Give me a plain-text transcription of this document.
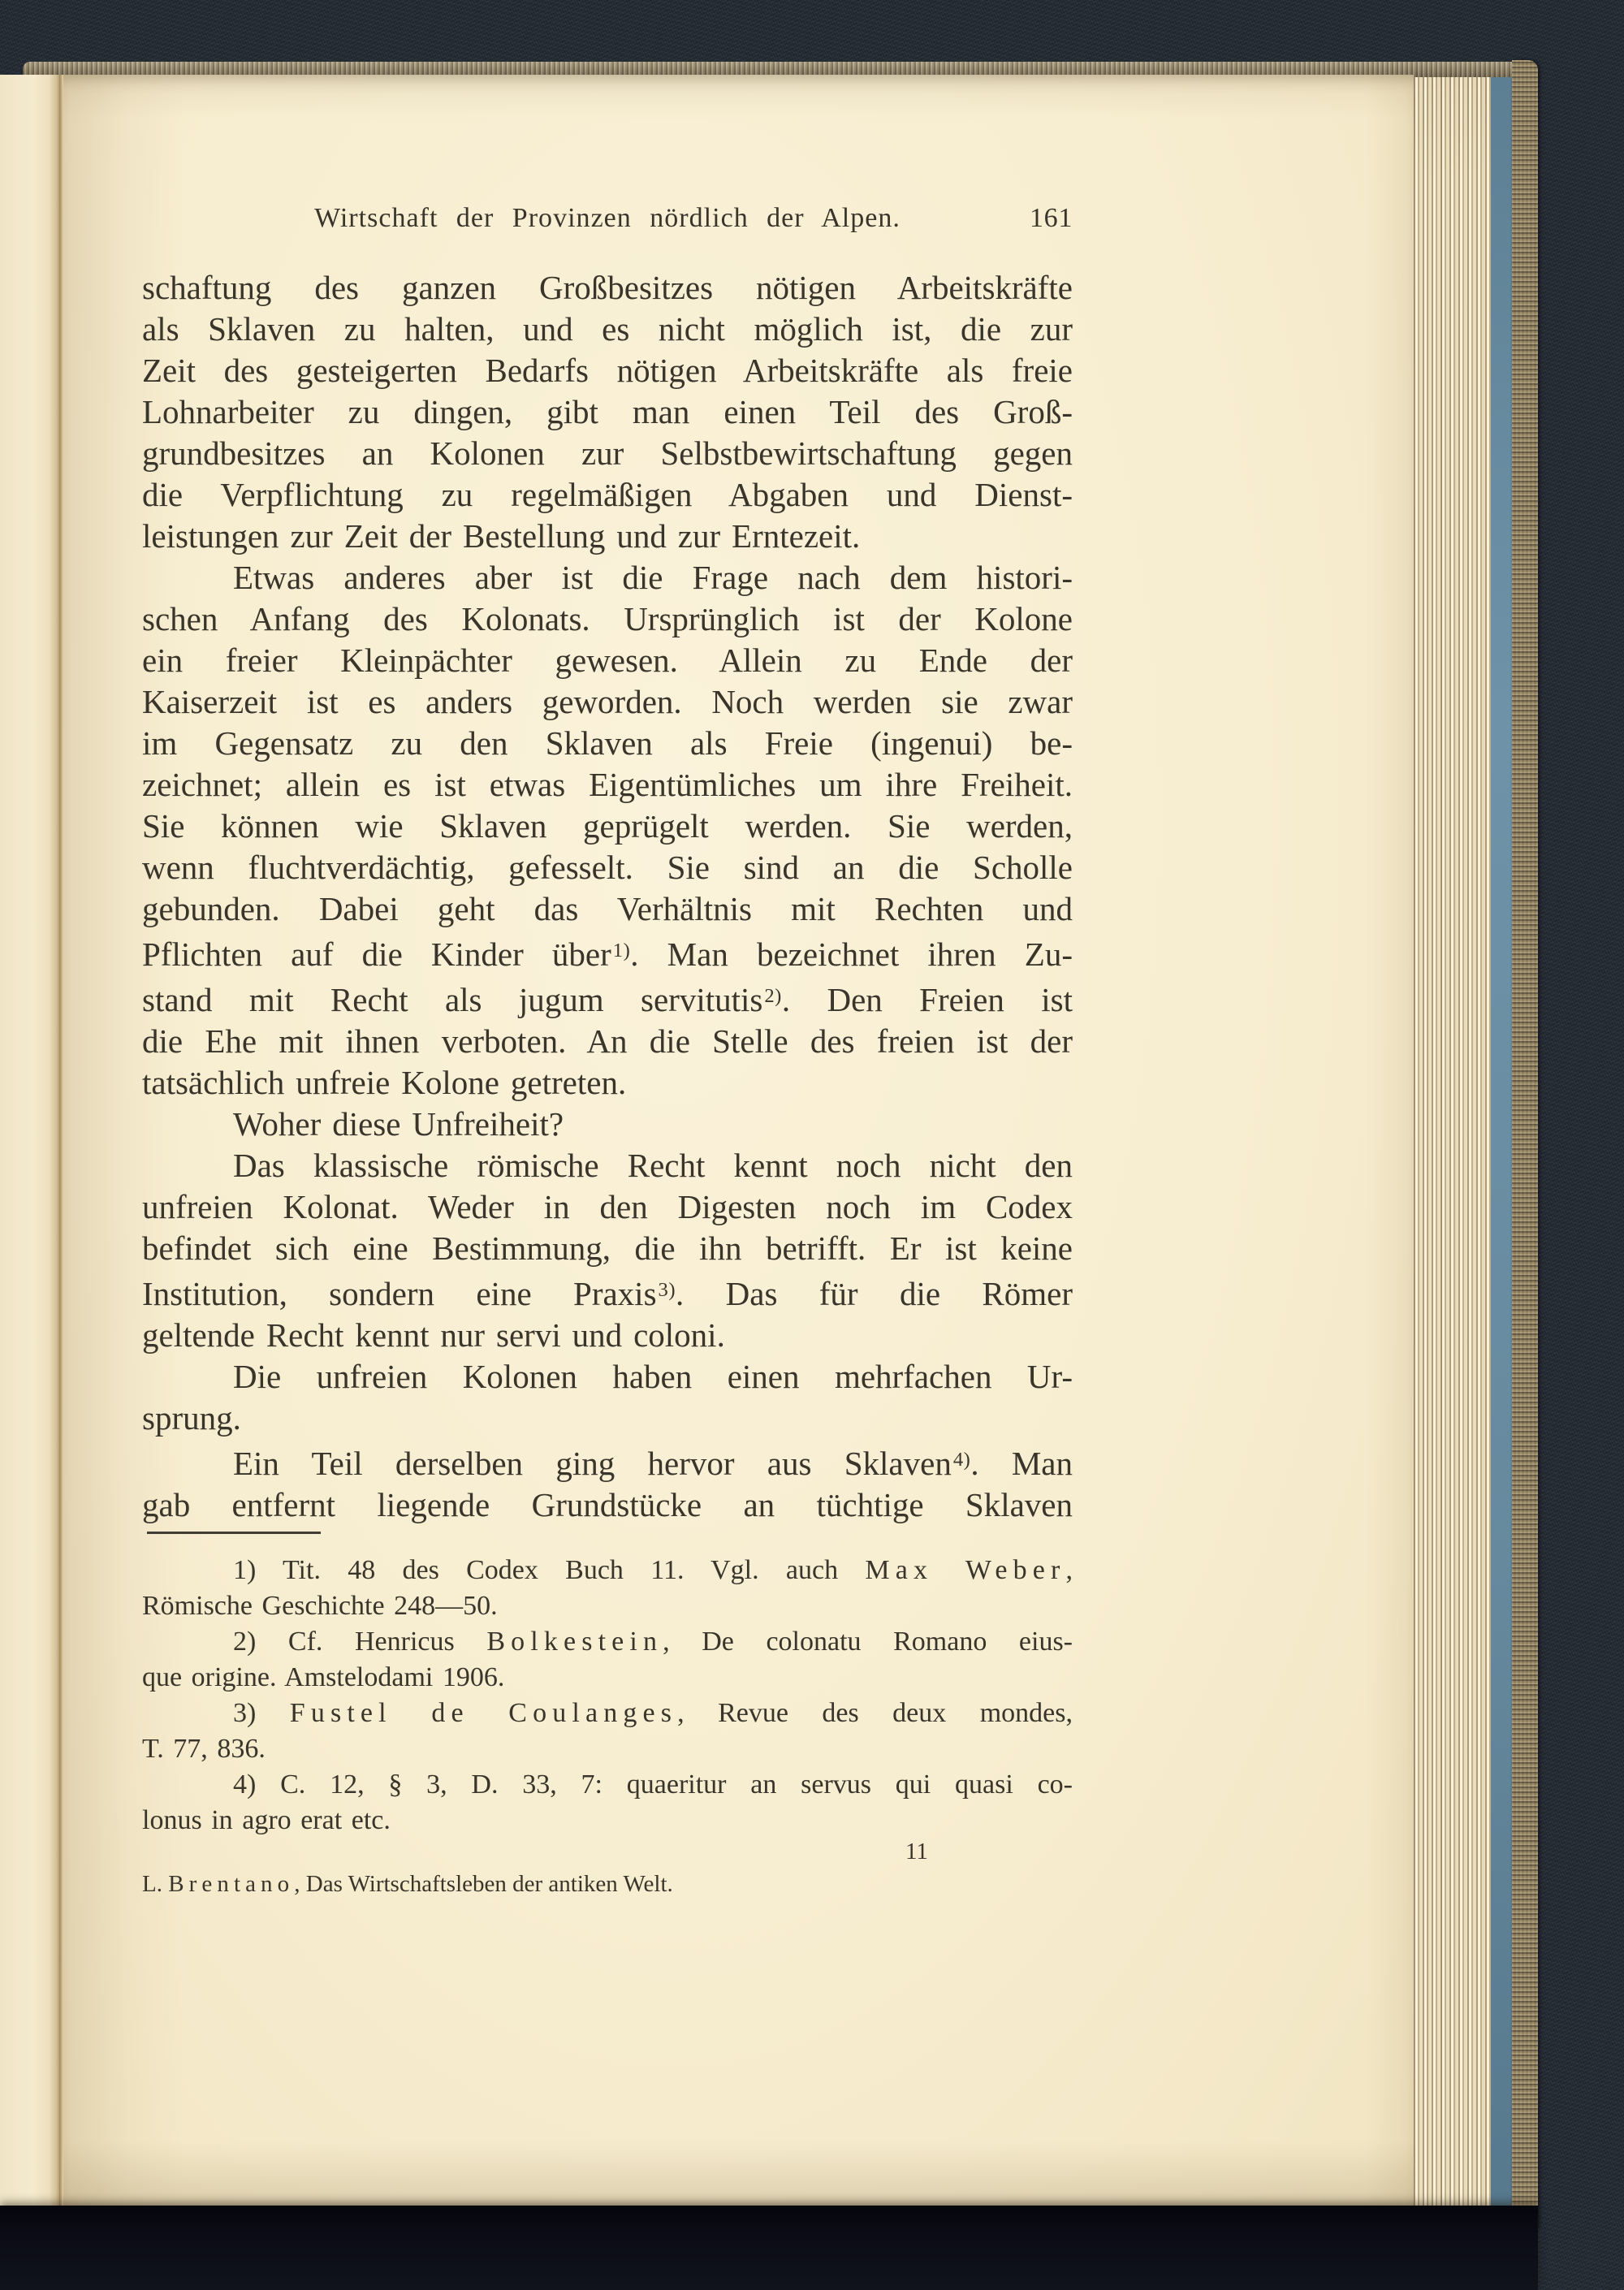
Wirtschaft der Provinzen nördlich der Alpen.	161
schaftung des ganzen Großbesitzes nötigen Arbeitskräfte
als Sklaven zu halten, und es nicht möglich ist, die zur
Zeit des gesteigerten Bedarfs nötigen Arbeitskräfte als freie
Lohnarbeiter zu dingen, gibt man einen Teil des Groß-
grundbesitzes an Kolonen zur Selbstbewirtschaftung gegen
die Verpflichtung zu regelmäßigen Abgaben und Dienst-
leistungen zur Zeit der Bestellung und zur Erntezeit.
Etwas anderes aber ist die Frage nach dem histori-
schen Anfang des Kolonats. Ursprünglich ist der Kolone
ein freier Kleinpächter gewesen. Allein zu Ende der
Kaiserzeit ist es anders geworden. Noch werden sie zwar
im Gegensatz zu den Sklaven als Freie (ingenui) be-
zeichnet; allein es ist etwas Eigentümliches um ihre Freiheit.
Sie können wie Sklaven geprügelt werden. Sie werden,
wenn fluchtverdächtig, gefesselt. Sie sind an die Scholle
gebunden. Dabei geht das Verhältnis mit Rechten und
Pflichten auf die Kinder über$^{1)}$. Man bezeichnet ihren Zu-
stand mit Recht als jugum servitutis$^{2)}$. Den Freien ist
die Ehe mit ihnen verboten. An die Stelle des freien ist der
tatsächlich unfreie Kolone getreten.
Woher diese Unfreiheit?
Das klassische römische Recht kennt noch nicht den
unfreien Kolonat. Weder in den Digesten noch im Codex
befindet sich eine Bestimmung, die ihn betrifft. Er ist keine
Institution, sondern eine Praxis$^{3)}$. Das für die Römer
geltende Recht kennt nur servi und coloni.
Die unfreien Kolonen haben einen mehrfachen Ur-
sprung.
Ein Teil derselben ging hervor aus Sklaven$^{4)}$. Man
gab entfernt liegende Grundstücke an tüchtige Sklaven
1) Tit. 48 des Codex Buch 11. Vgl. auch Max Weber,
Römische Geschichte 248—50.
2) Cf. Henricus Bolkestein, De colonatu Romano eius-
que origine. Amstelodami 1906.
3) Fustel de Coulanges, Revue des deux mondes,
T. 77, 836.
4) C. 12, § 3, D. 33, 7: quaeritur an servus qui quasi co-
lonus in agro erat etc.
L. Brentano, Das Wirtschaftsleben der antiken Welt.
11
